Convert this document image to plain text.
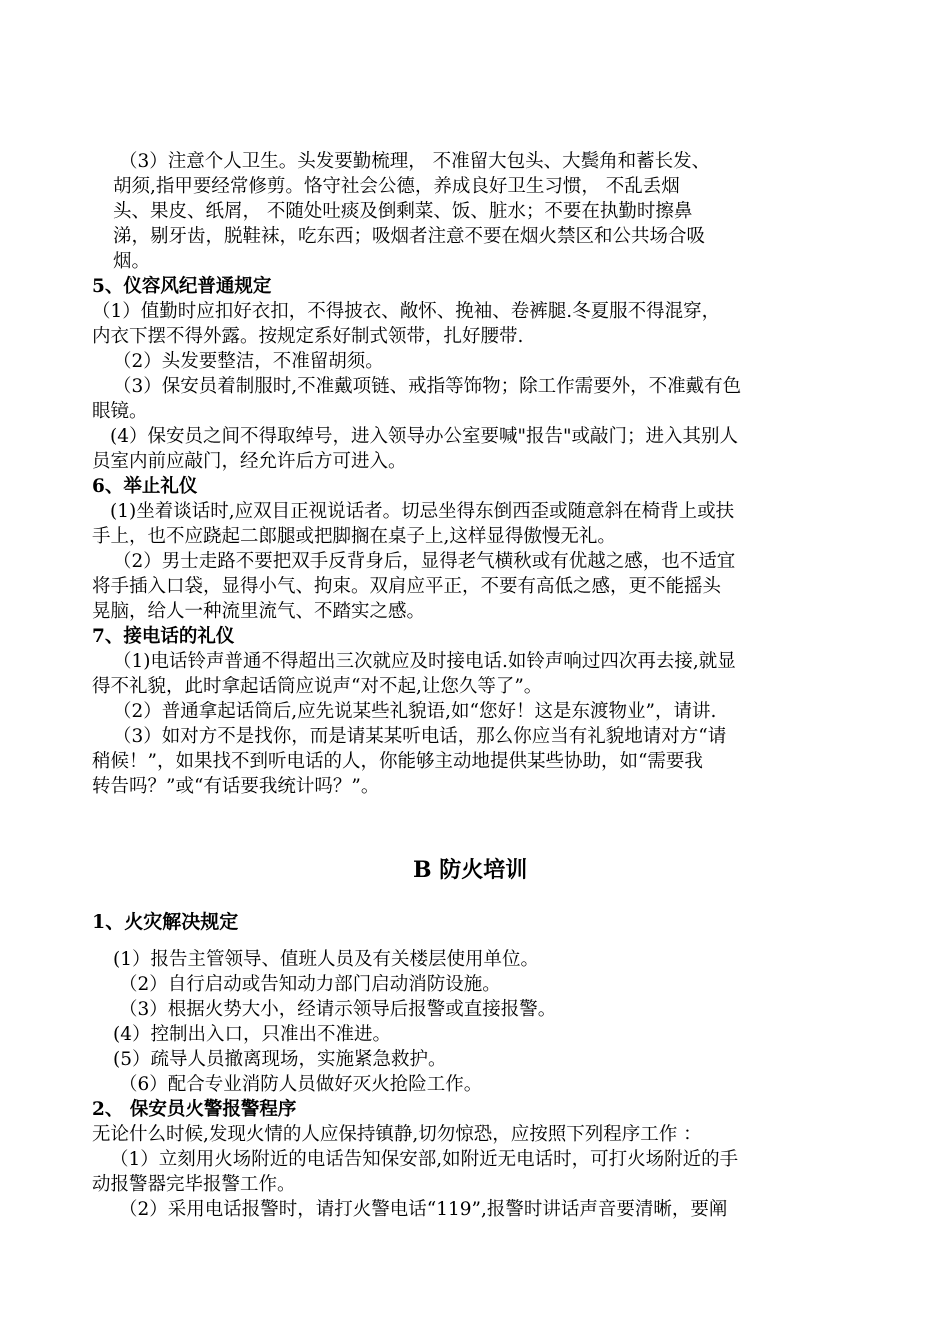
（3）注意个人卫生。头发要勤梳理， 不准留大包头、大鬓角和蓄长发、
胡须,指甲要经常修剪。恪守社会公德，养成良好卫生习惯， 不乱丢烟
头、果皮、纸屑， 不随处吐痰及倒剩菜、饭、脏水；不要在执勤时擦鼻
涕，剔牙齿，脱鞋袜，吃东西；吸烟者注意不要在烟火禁区和公共场合吸
烟。
5、仪容风纪普通规定
（1）值勤时应扣好衣扣，不得披衣、敞怀、挽袖、卷裤腿.冬夏服不得混穿，
内衣下摆不得外露。按规定系好制式领带，扎好腰带.
（2）头发要整洁，不准留胡须。
（3）保安员着制服时,不准戴项链、戒指等饰物；除工作需要外，不准戴有色
眼镜。
(4）保安员之间不得取绰号，进入领导办公室要喊"报告"或敲门；进入其别人
员室内前应敲门，经允许后方可进入。
6、举止礼仪
(1)坐着谈话时,应双目正视说话者。切忌坐得东倒西歪或随意斜在椅背上或扶
手上，也不应跷起二郎腿或把脚搁在桌子上,这样显得傲慢无礼。
（2）男士走路不要把双手反背身后，显得老气横秋或有优越之感，也不适宜
将手插入口袋，显得小气、拘束。双肩应平正，不要有高低之感，更不能摇头
晃脑，给人一种流里流气、不踏实之感。
7、接电话的礼仪
（1)电话铃声普通不得超出三次就应及时接电话.如铃声响过四次再去接,就显
得不礼貌，此时拿起话筒应说声“对不起,让您久等了”。
（2）普通拿起话筒后,应先说某些礼貌语,如“您好！这是东渡物业”，请讲.
（3）如对方不是找你，而是请某某听电话，那么你应当有礼貌地请对方“请
稍候！”，如果找不到听电话的人，你能够主动地提供某些协助，如“需要我
转告吗？”或“有话要我统计吗？”。
B 防火培训
1、火灾解决规定
(1）报告主管领导、值班人员及有关楼层使用单位。
（2）自行启动或告知动力部门启动消防设施。
（3）根据火势大小，经请示领导后报警或直接报警。
(4）控制出入口，只准出不准进。
(5）疏导人员撤离现场，实施紧急救护。
（6）配合专业消防人员做好灭火抢险工作。
2、 保安员火警报警程序
无论什么时候,发现火情的人应保持镇静,切勿惊恐，应按照下列程序工作 ：
（1）立刻用火场附近的电话告知保安部,如附近无电话时，可打火场附近的手
动报警器完毕报警工作。
（2）采用电话报警时，请打火警电话“119”,报警时讲话声音要清晰，要阐
